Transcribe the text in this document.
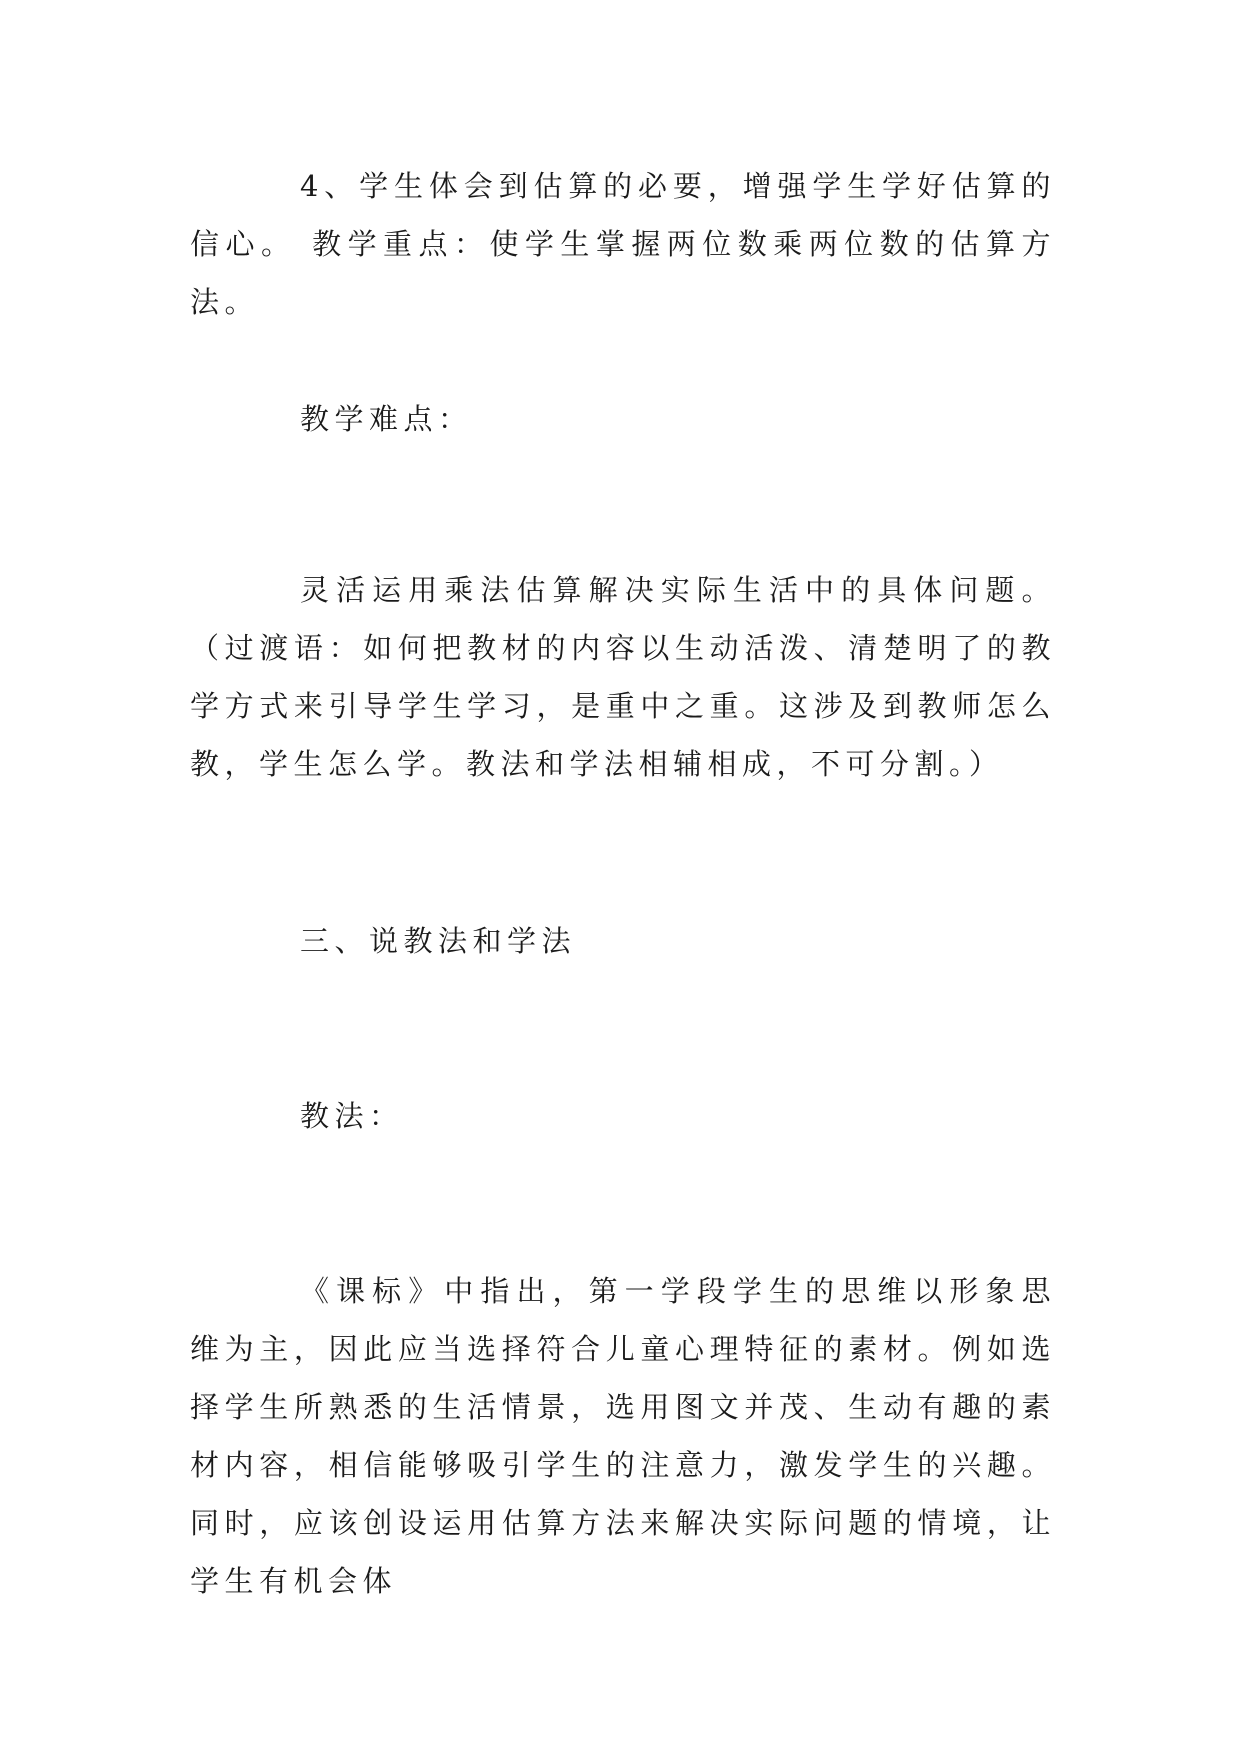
4、学生体会到估算的必要，增强学生学好估算的信心。 教学重点：使学生掌握两位数乘两位数的估算方法。

教学难点：

灵活运用乘法估算解决实际生活中的具体问题。（过渡语：如何把教材的内容以生动活泼、清楚明了的教学方式来引导学生学习，是重中之重。这涉及到教师怎么教，学生怎么学。教法和学法相辅相成，不可分割。）

三、说教法和学法

教法：

《课标》中指出，第一学段学生的思维以形象思维为主，因此应当选择符合儿童心理特征的素材。例如选择学生所熟悉的生活情景，选用图文并茂、生动有趣的素材内容，相信能够吸引学生的注意力，激发学生的兴趣。同时，应该创设运用估算方法来解决实际问题的情境，让学生有机会体
